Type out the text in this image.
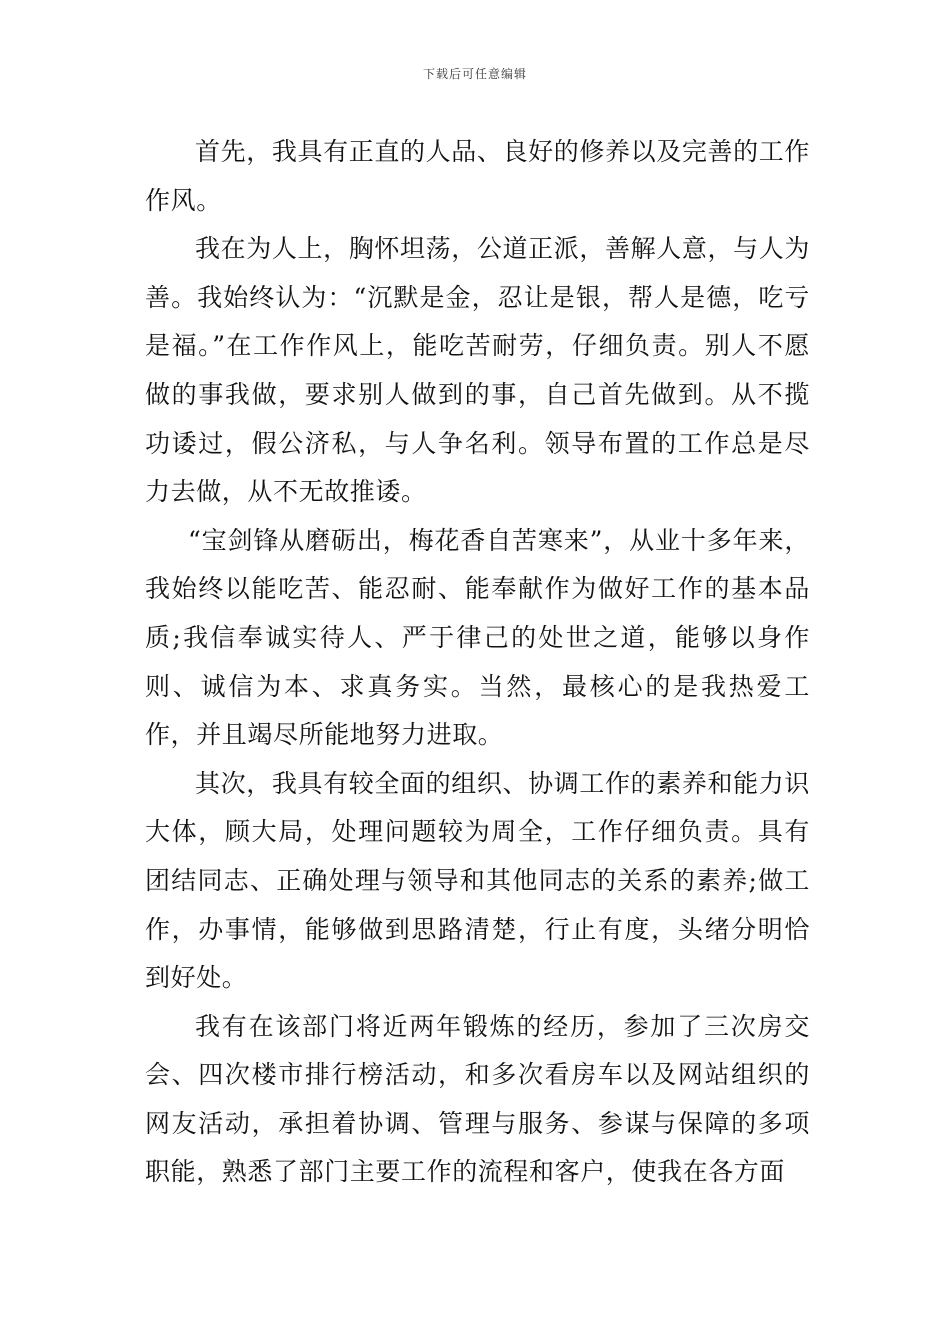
下载后可任意编辑

首先，我具有正直的人品、良好的修养以及完善的工作作风。

我在为人上，胸怀坦荡，公道正派，善解人意，与人为善。我始终认为：“沉默是金，忍让是银，帮人是德，吃亏是福。”在工作作风上，能吃苦耐劳，仔细负责。别人不愿做的事我做，要求别人做到的事，自己首先做到。从不揽功诿过，假公济私，与人争名利。领导布置的工作总是尽力去做，从不无故推诿。

“宝剑锋从磨砺出，梅花香自苦寒来”，从业十多年来，我始终以能吃苦、能忍耐、能奉献作为做好工作的基本品质;我信奉诚实待人、严于律己的处世之道，能够以身作则、诚信为本、求真务实。当然，最核心的是我热爱工作，并且竭尽所能地努力进取。

其次，我具有较全面的组织、协调工作的素养和能力识大体，顾大局，处理问题较为周全，工作仔细负责。具有团结同志、正确处理与领导和其他同志的关系的素养;做工作，办事情，能够做到思路清楚，行止有度，头绪分明恰到好处。

我有在该部门将近两年锻炼的经历，参加了三次房交会、四次楼市排行榜活动，和多次看房车以及网站组织的网友活动，承担着协调、管理与服务、参谋与保障的多项职能，熟悉了部门主要工作的流程和客户，使我在各方面
